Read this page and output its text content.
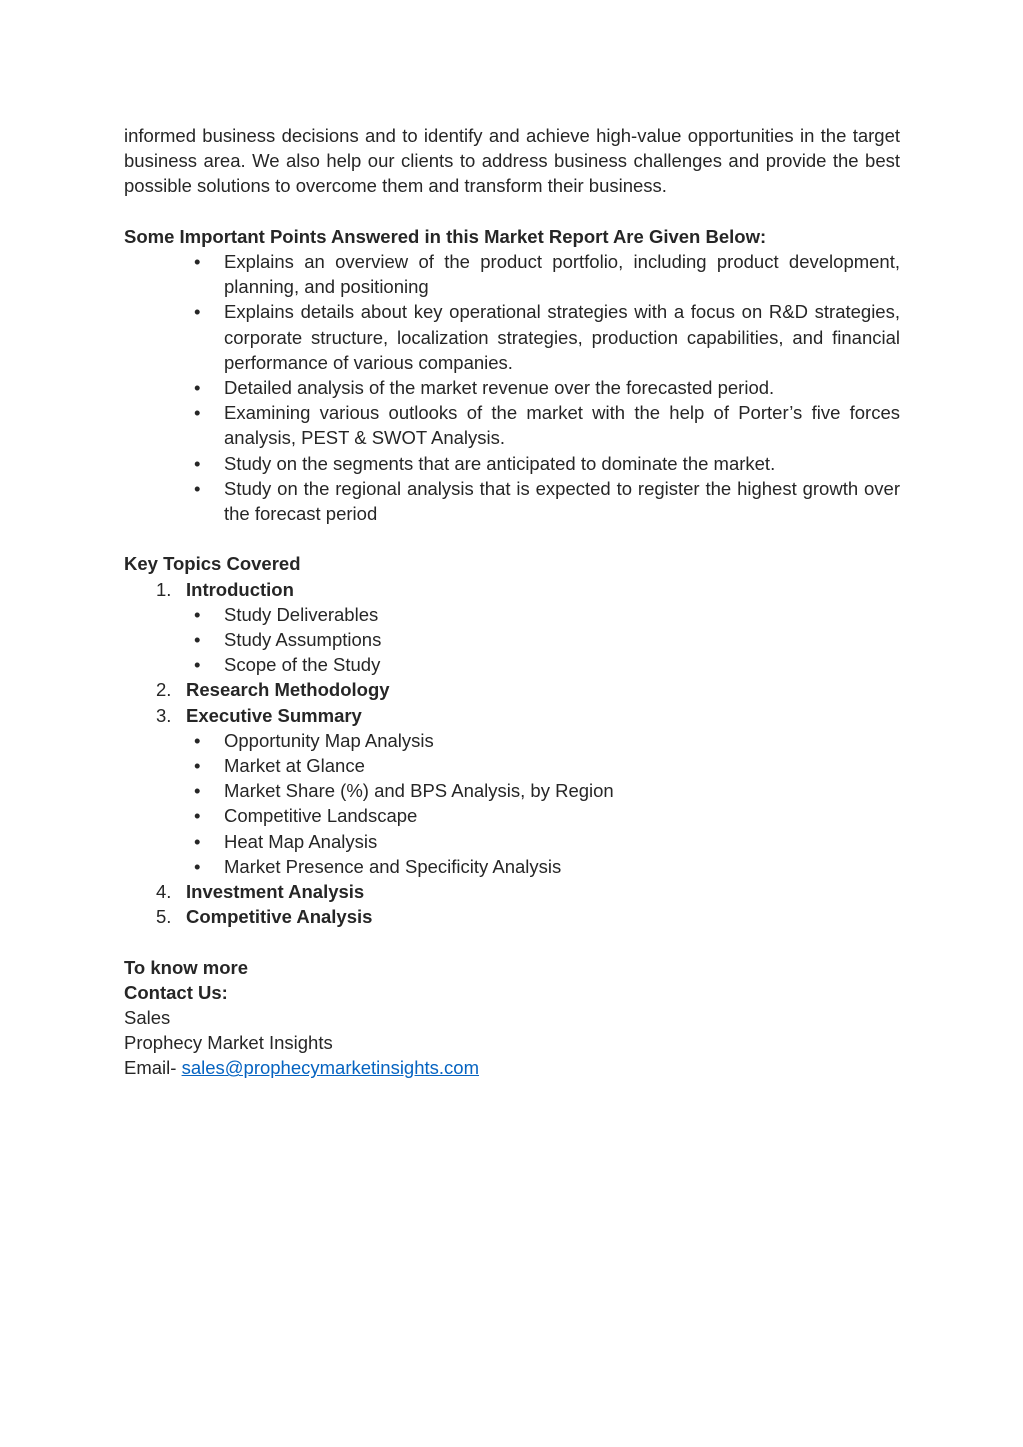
informed business decisions and to identify and achieve high-value opportunities in the target business area. We also help our clients to address business challenges and provide the best possible solutions to overcome them and transform their business.

Some Important Points Answered in this Market Report Are Given Below:

• Explains an overview of the product portfolio, including product development, planning, and positioning
• Explains details about key operational strategies with a focus on R&D strategies, corporate structure, localization strategies, production capabilities, and financial performance of various companies.
• Detailed analysis of the market revenue over the forecasted period.
• Examining various outlooks of the market with the help of Porter’s five forces analysis, PEST & SWOT Analysis.
• Study on the segments that are anticipated to dominate the market.
• Study on the regional analysis that is expected to register the highest growth over the forecast period

Key Topics Covered

1. Introduction
• Study Deliverables
• Study Assumptions
• Scope of the Study
2. Research Methodology
3. Executive Summary
• Opportunity Map Analysis
• Market at Glance
• Market Share (%) and BPS Analysis, by Region
• Competitive Landscape
• Heat Map Analysis
• Market Presence and Specificity Analysis
4. Investment Analysis
5. Competitive Analysis

To know more

Contact Us:

Sales

Prophecy Market Insights

Email- sales@prophecymarketinsights.com
